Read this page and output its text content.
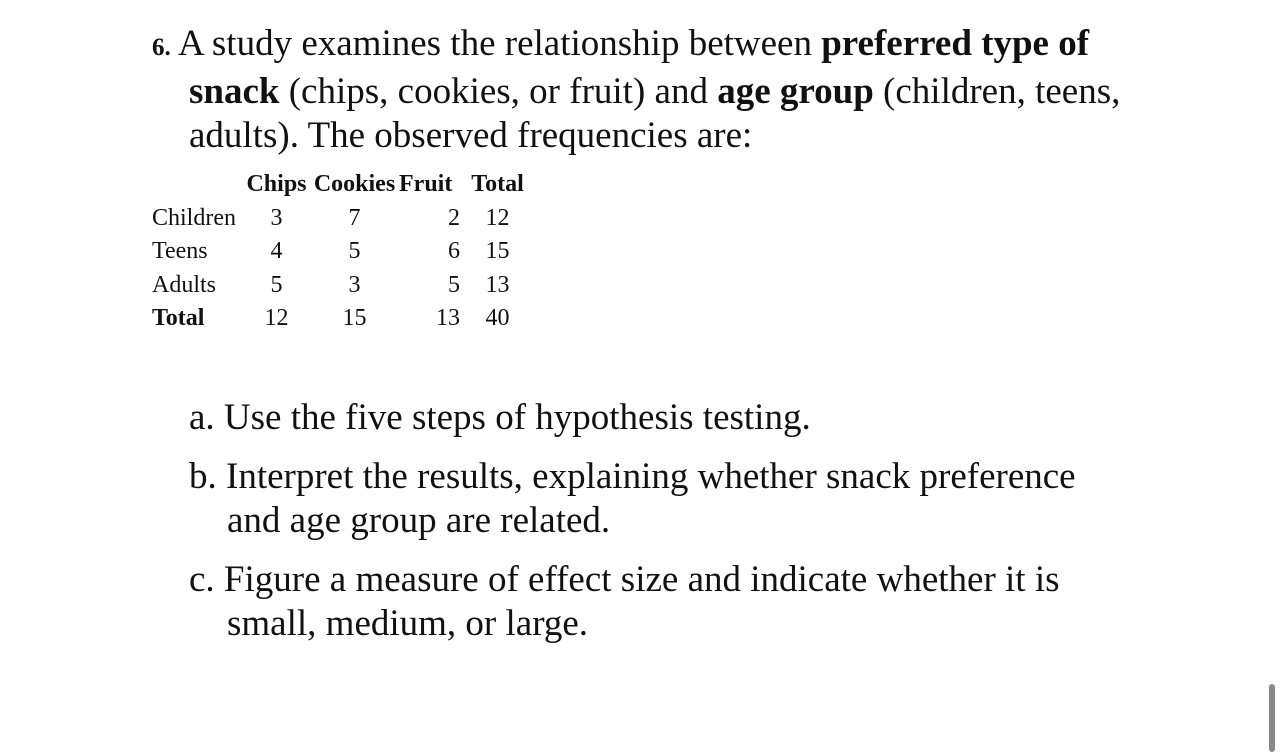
6. A study examines the relationship between preferred type of snack (chips, cookies, or fruit) and age group (children, teens, adults). The observed frequencies are:

	Chips	Cookies	Fruit	Total
Children	3	7	2	12
Teens	4	5	6	15
Adults	5	3	5	13
Total	12	15	13	40
a. Use the five steps of hypothesis testing.
b. Interpret the results, explaining whether snack preference and age group are related.
c. Figure a measure of effect size and indicate whether it is small, medium, or large.
